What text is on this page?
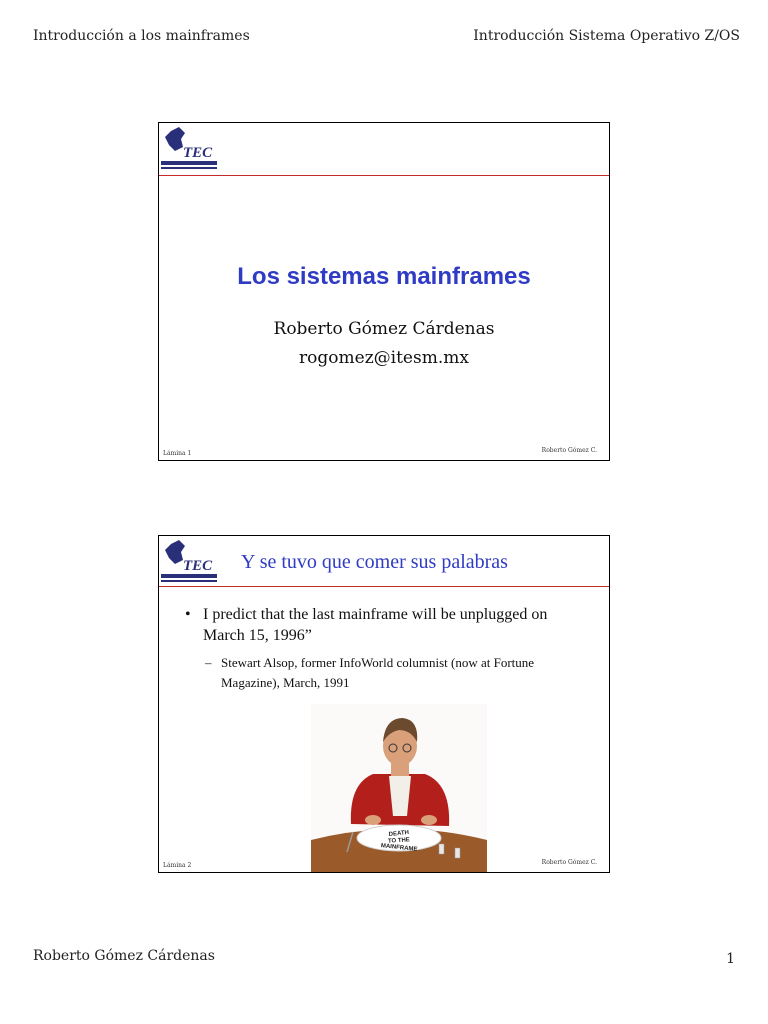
Introducción a los mainframes	Introducción Sistema Operativo Z/OS
TEC
Los sistemas mainframes
Roberto Gómez Cárdenas
rogomez@itesm.mx
Lámina 1	Roberto Gómez C.
TEC Y se tuvo que comer sus palabras
• I predict that the last mainframe will be unplugged on March 15, 1996”
– Stewart Alsop, former InfoWorld columnist (now at Fortune Magazine), March, 1991
DEATH
TO THE
MAINFRAME
Lámina 2	Roberto Gómez C.
Roberto Gómez Cárdenas	1
